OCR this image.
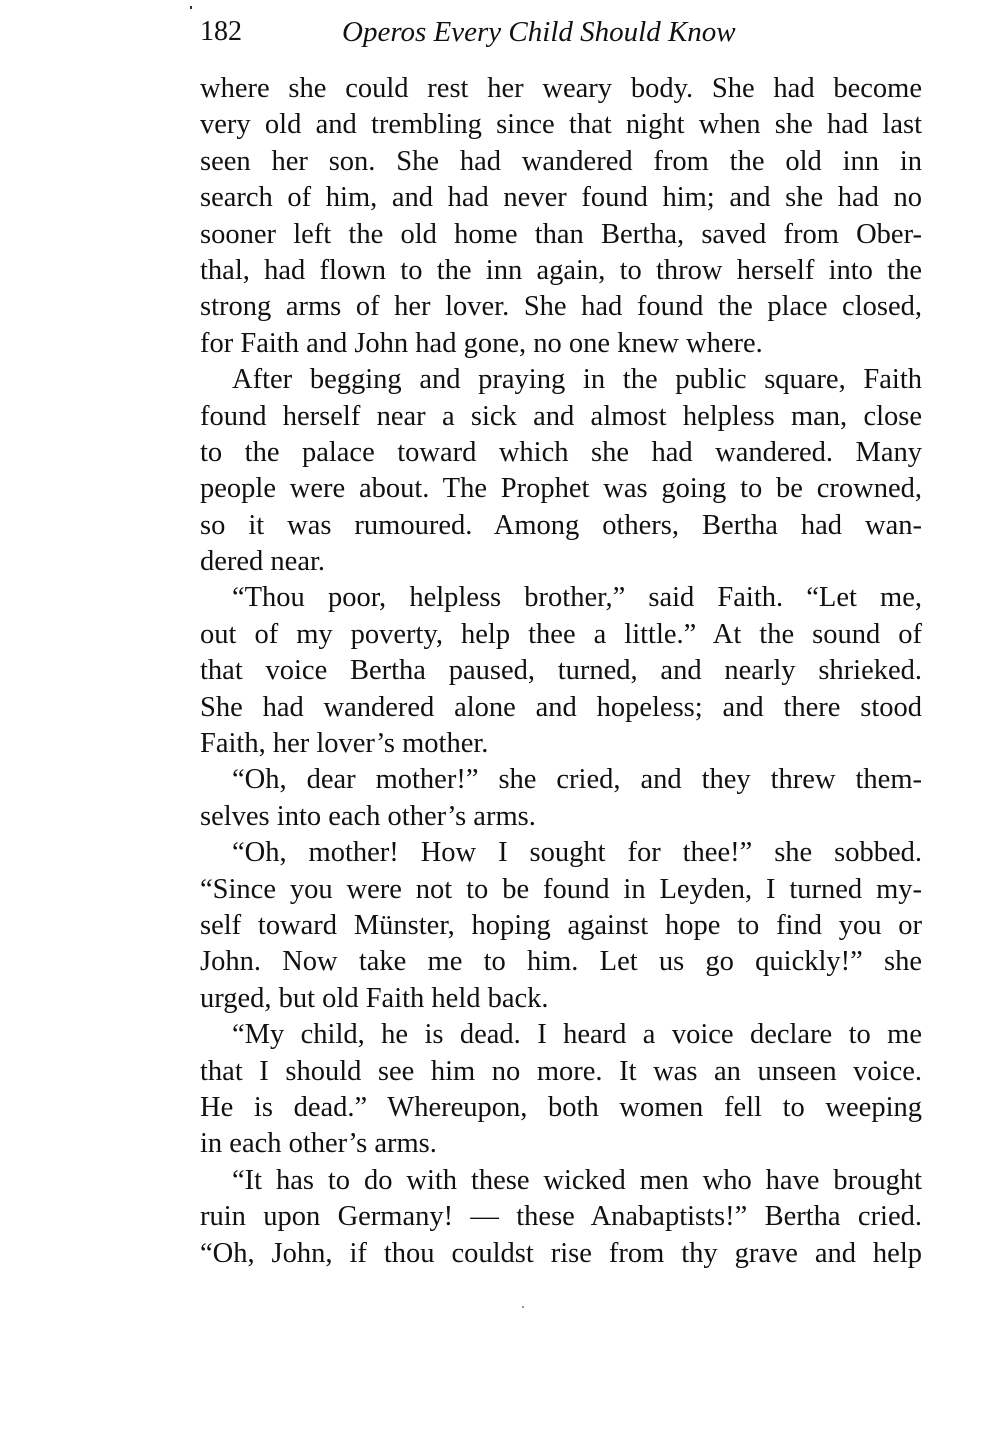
182	Operos Every Child Should Know
where she could rest her weary body. She had become
very old and trembling since that night when she had last
seen her son. She had wandered from the old inn in
search of him, and had never found him; and she had no
sooner left the old home than Bertha, saved from Ober-
thal, had flown to the inn again, to throw herself into the
strong arms of her lover. She had found the place closed,
for Faith and John had gone, no one knew where.
After begging and praying in the public square, Faith
found herself near a sick and almost helpless man, close
to the palace toward which she had wandered. Many
people were about. The Prophet was going to be crowned,
so it was rumoured. Among others, Bertha had wan-
dered near.
“Thou poor, helpless brother,” said Faith. “Let me,
out of my poverty, help thee a little.” At the sound of
that voice Bertha paused, turned, and nearly shrieked.
She had wandered alone and hopeless; and there stood
Faith, her lover’s mother.
“Oh, dear mother!” she cried, and they threw them-
selves into each other’s arms.
“Oh, mother! How I sought for thee!” she sobbed.
“Since you were not to be found in Leyden, I turned my-
self toward Münster, hoping against hope to find you or
John. Now take me to him. Let us go quickly!” she
urged, but old Faith held back.
“My child, he is dead. I heard a voice declare to me
that I should see him no more. It was an unseen voice.
He is dead.” Whereupon, both women fell to weeping
in each other’s arms.
“It has to do with these wicked men who have brought
ruin upon Germany! — these Anabaptists!” Bertha cried.
“Oh, John, if thou couldst rise from thy grave and help
